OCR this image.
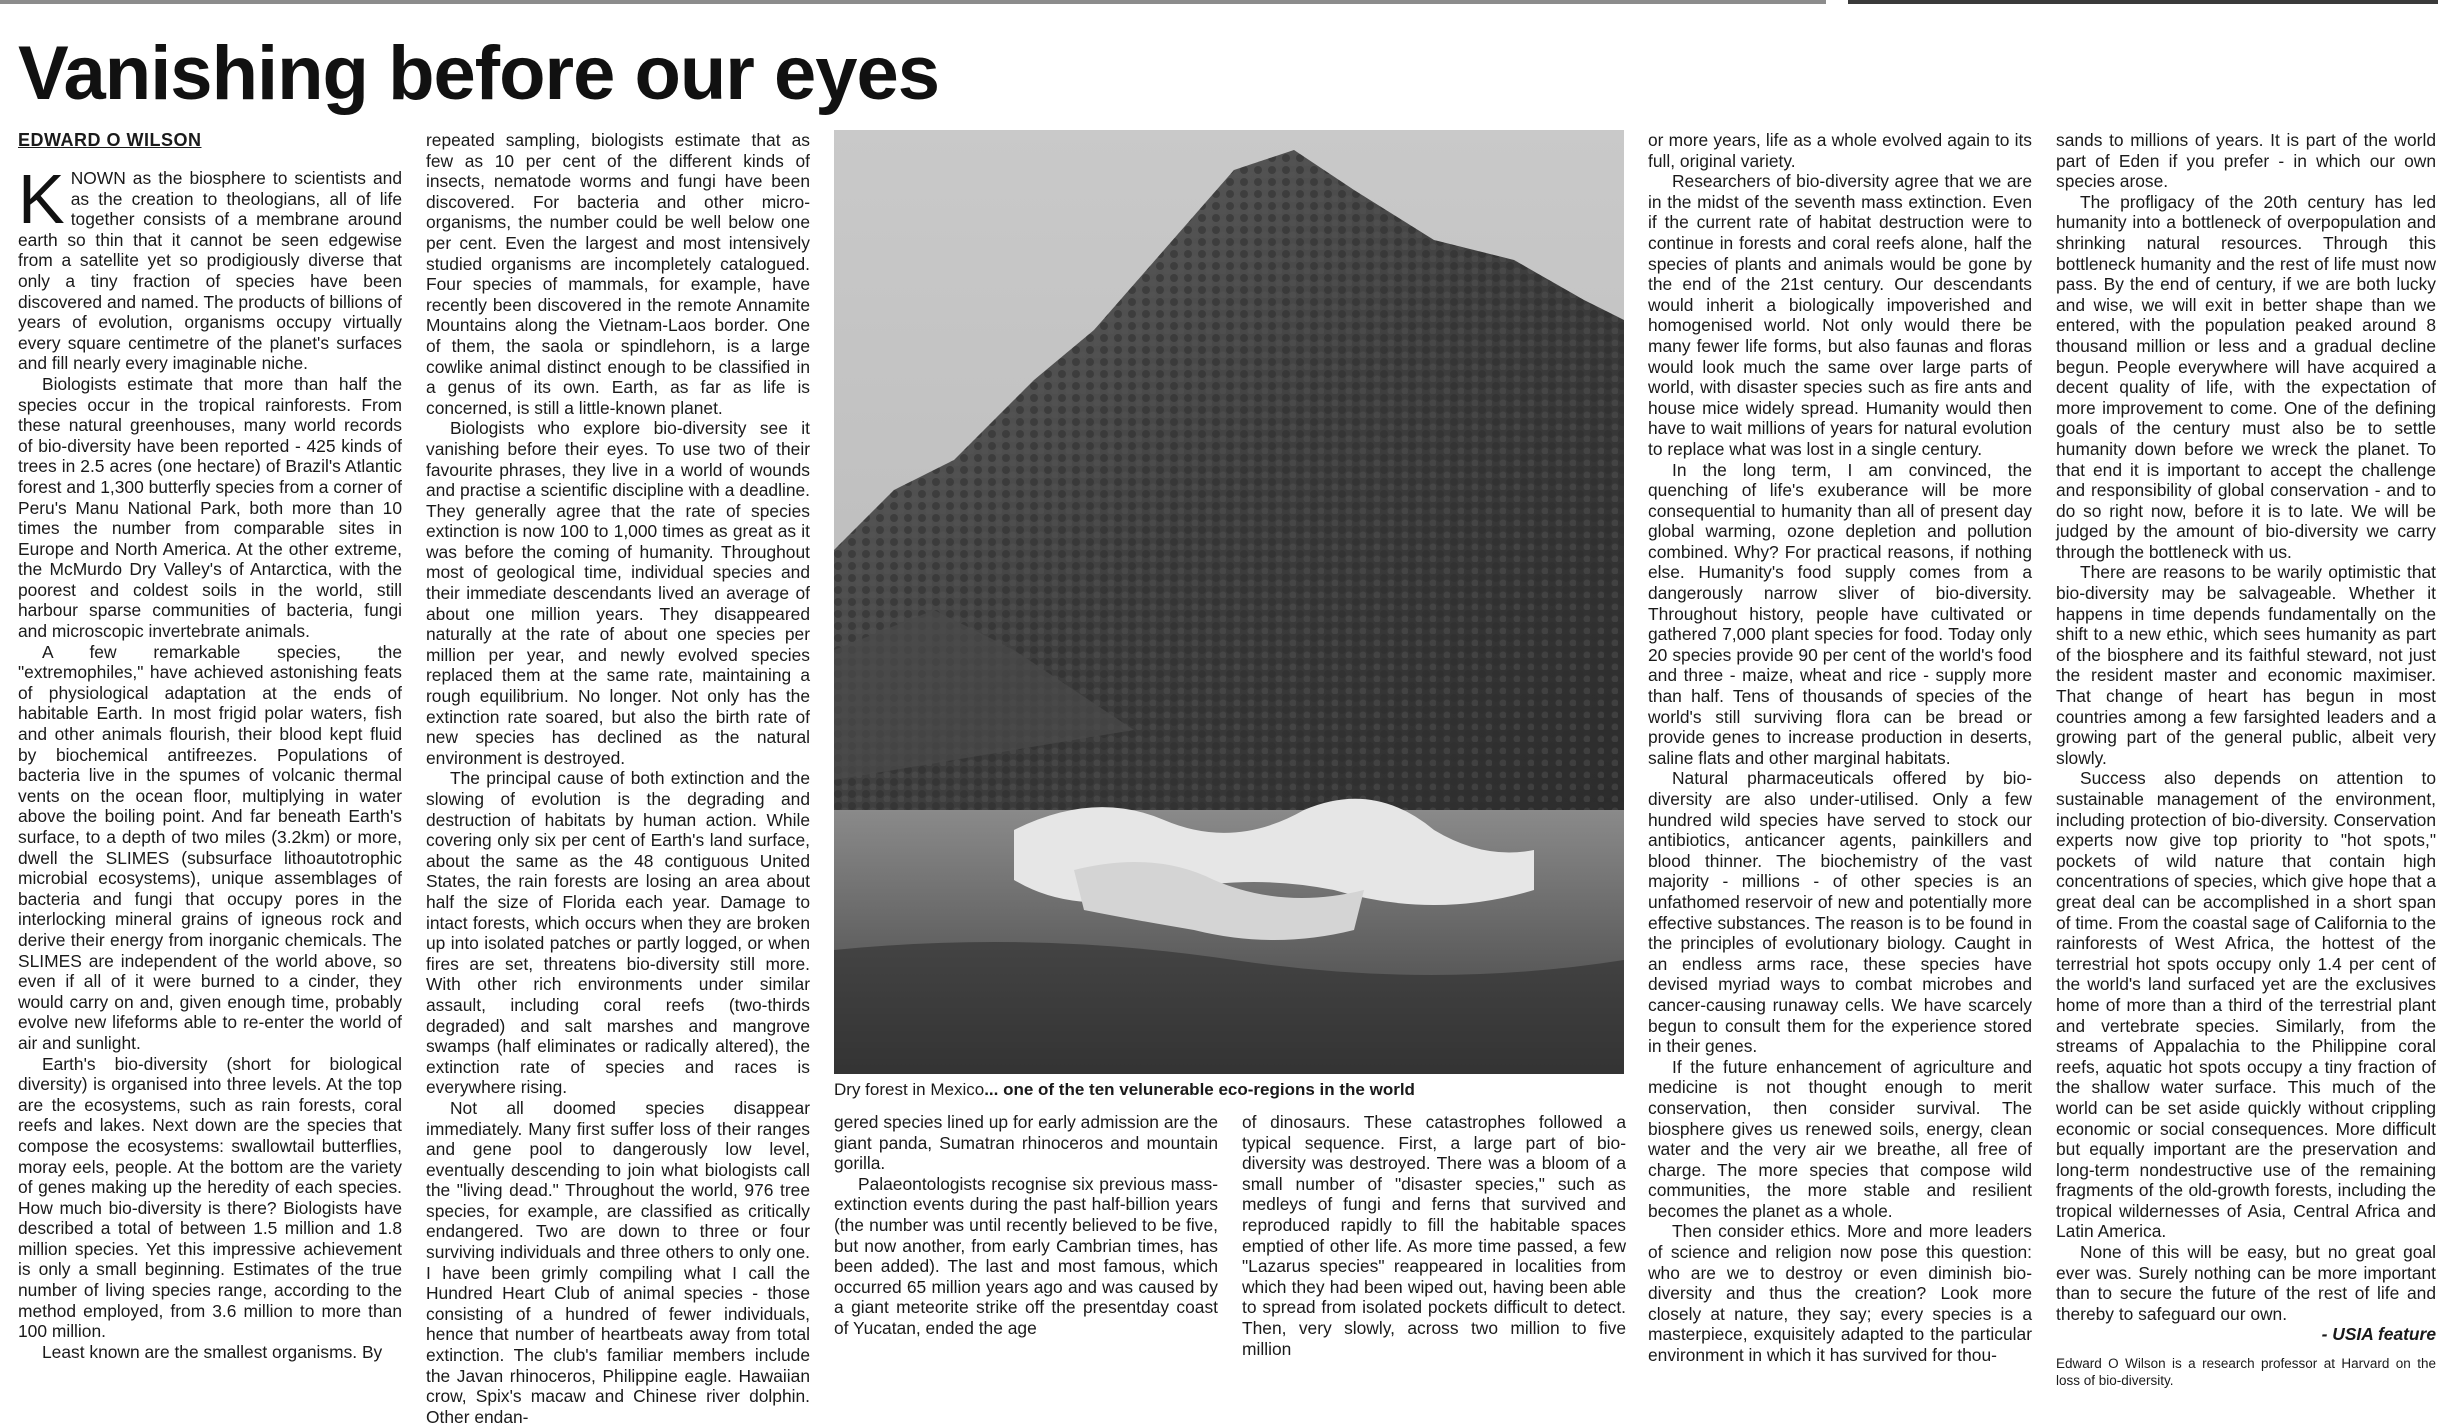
Vanishing before our eyes
EDWARD O WILSON

KNOWN as the biosphere to scientists and as the creation to theologians, all of life together consists of a membrane around earth so thin that it cannot be seen edgewise from a satellite yet so prodigiously diverse that only a tiny fraction of species have been discovered and named. The products of billions of years of evolution, organisms occupy virtually every square centimetre of the planet's surfaces and fill nearly every imaginable niche.

Biologists estimate that more than half the species occur in the tropical rainforests. From these natural greenhouses, many world records of bio-diversity have been reported - 425 kinds of trees in 2.5 acres (one hectare) of Brazil's Atlantic forest and 1,300 butterfly species from a corner of Peru's Manu National Park, both more than 10 times the number from comparable sites in Europe and North America. At the other extreme, the McMurdo Dry Valley's of Antarctica, with the poorest and coldest soils in the world, still harbour sparse communities of bacteria, fungi and microscopic invertebrate animals.

A few remarkable species, the "extremophiles," have achieved astonishing feats of physiological adaptation at the ends of habitable Earth. In most frigid polar waters, fish and other animals flourish, their blood kept fluid by biochemical antifreezes. Populations of bacteria live in the spumes of volcanic thermal vents on the ocean floor, multiplying in water above the boiling point. And far beneath Earth's surface, to a depth of two miles (3.2km) or more, dwell the SLIMES (subsurface lithoautotrophic microbial ecosystems), unique assemblages of bacteria and fungi that occupy pores in the interlocking mineral grains of igneous rock and derive their energy from inorganic chemicals. The SLIMES are independent of the world above, so even if all of it were burned to a cinder, they would carry on and, given enough time, probably evolve new lifeforms able to re-enter the world of air and sunlight.

Earth's bio-diversity (short for biological diversity) is organised into three levels. At the top are the ecosystems, such as rain forests, coral reefs and lakes. Next down are the species that compose the ecosystems: swallowtail butterflies, moray eels, people. At the bottom are the variety of genes making up the heredity of each species. How much bio-diversity is there? Biologists have described a total of between 1.5 million and 1.8 million species. Yet this impressive achievement is only a small beginning. Estimates of the true number of living species range, according to the method employed, from 3.6 million to more than 100 million.

Least known are the smallest organisms. By

repeated sampling, biologists estimate that as few as 10 per cent of the different kinds of insects, nematode worms and fungi have been discovered. For bacteria and other micro-organisms, the number could be well below one per cent. Even the largest and most intensively studied organisms are incompletely catalogued. Four species of mammals, for example, have recently been discovered in the remote Annamite Mountains along the Vietnam-Laos border. One of them, the saola or spindlehorn, is a large cowlike animal distinct enough to be classified in a genus of its own. Earth, as far as life is concerned, is still a little-known planet.

Biologists who explore bio-diversity see it vanishing before their eyes. To use two of their favourite phrases, they live in a world of wounds and practise a scientific discipline with a deadline. They generally agree that the rate of species extinction is now 100 to 1,000 times as great as it was before the coming of humanity. Throughout most of geological time, individual species and their immediate descendants lived an average of about one million years. They disappeared naturally at the rate of about one species per million per year, and newly evolved species replaced them at the same rate, maintaining a rough equilibrium. No longer. Not only has the extinction rate soared, but also the birth rate of new species has declined as the natural environment is destroyed.

The principal cause of both extinction and the slowing of evolution is the degrading and destruction of habitats by human action. While covering only six per cent of Earth's land surface, about the same as the 48 contiguous United States, the rain forests are losing an area about half the size of Florida each year. Damage to intact forests, which occurs when they are broken up into isolated patches or partly logged, or when fires are set, threatens bio-diversity still more. With other rich environments under similar assault, including coral reefs (two-thirds degraded) and salt marshes and mangrove swamps (half eliminates or radically altered), the extinction rate of species and races is everywhere rising.

Not all doomed species disappear immediately. Many first suffer loss of their ranges and gene pool to dangerously low level, eventually descending to join what biologists call the "living dead." Throughout the world, 976 tree species, for example, are classified as critically endangered. Two are down to three or four surviving individuals and three others to only one. I have been grimly compiling what I call the Hundred Heart Club of animal species - those consisting of a hundred of fewer individuals, hence that number of heartbeats away from total extinction. The club's familiar members include the Javan rhinoceros, Philippine eagle. Hawaiian crow, Spix's macaw and Chinese river dolphin. Other endan-

Dry forest in Mexico... one of the ten velunerable eco-regions in the world

gered species lined up for early admission are the giant panda, Sumatran rhinoceros and mountain gorilla.

Palaeontologists recognise six previous mass-extinction events during the past half-billion years (the number was until recently believed to be five, but now another, from early Cambrian times, has been added). The last and most famous, which occurred 65 million years ago and was caused by a giant meteorite strike off the presentday coast of Yucatan, ended the age

of dinosaurs. These catastrophes followed a typical sequence. First, a large part of bio-diversity was destroyed. There was a bloom of a small number of "disaster species," such as medleys of fungi and ferns that survived and reproduced rapidly to fill the habitable spaces emptied of other life. As more time passed, a few "Lazarus species" reappeared in localities from which they had been wiped out, having been able to spread from isolated pockets difficult to detect. Then, very slowly, across two million to five million

or more years, life as a whole evolved again to its full, original variety.

Researchers of bio-diversity agree that we are in the midst of the seventh mass extinction. Even if the current rate of habitat destruction were to continue in forests and coral reefs alone, half the species of plants and animals would be gone by the end of the 21st century. Our descendants would inherit a biologically impoverished and homogenised world. Not only would there be many fewer life forms, but also faunas and floras would look much the same over large parts of world, with disaster species such as fire ants and house mice widely spread. Humanity would then have to wait millions of years for natural evolution to replace what was lost in a single century.

In the long term, I am convinced, the quenching of life's exuberance will be more consequential to humanity than all of present day global warming, ozone depletion and pollution combined. Why? For practical reasons, if nothing else. Humanity's food supply comes from a dangerously narrow sliver of bio-diversity. Throughout history, people have cultivated or gathered 7,000 plant species for food. Today only 20 species provide 90 per cent of the world's food and three - maize, wheat and rice - supply more than half. Tens of thousands of species of the world's still surviving flora can be bread or provide genes to increase production in deserts, saline flats and other marginal habitats.

Natural pharmaceuticals offered by bio-diversity are also under-utilised. Only a few hundred wild species have served to stock our antibiotics, anticancer agents, painkillers and blood thinner. The biochemistry of the vast majority - millions - of other species is an unfathomed reservoir of new and potentially more effective substances. The reason is to be found in the principles of evolutionary biology. Caught in an endless arms race, these species have devised myriad ways to combat microbes and cancer-causing runaway cells. We have scarcely begun to consult them for the experience stored in their genes.

If the future enhancement of agriculture and medicine is not thought enough to merit conservation, then consider survival. The biosphere gives us renewed soils, energy, clean water and the very air we breathe, all free of charge. The more species that compose wild communities, the more stable and resilient becomes the planet as a whole.

Then consider ethics. More and more leaders of science and religion now pose this question: who are we to destroy or even diminish bio-diversity and thus the creation? Look more closely at nature, they say; every species is a masterpiece, exquisitely adapted to the particular environment in which it has survived for thou-

sands to millions of years. It is part of the world part of Eden if you prefer - in which our own species arose.

The profligacy of the 20th century has led humanity into a bottleneck of overpopulation and shrinking natural resources. Through this bottleneck humanity and the rest of life must now pass. By the end of century, if we are both lucky and wise, we will exit in better shape than we entered, with the population peaked around 8 thousand million or less and a gradual decline begun. People everywhere will have acquired a decent quality of life, with the expectation of more improvement to come. One of the defining goals of the century must also be to settle humanity down before we wreck the planet. To that end it is important to accept the challenge and responsibility of global conservation - and to do so right now, before it is to late. We will be judged by the amount of bio-diversity we carry through the bottleneck with us.

There are reasons to be warily optimistic that bio-diversity may be salvageable. Whether it happens in time depends fundamentally on the shift to a new ethic, which sees humanity as part of the biosphere and its faithful steward, not just the resident master and economic maximiser. That change of heart has begun in most countries among a few farsighted leaders and a growing part of the general public, albeit very slowly.

Success also depends on attention to sustainable management of the environment, including protection of bio-diversity. Conservation experts now give top priority to "hot spots," pockets of wild nature that contain high concentrations of species, which give hope that a great deal can be accomplished in a short span of time. From the coastal sage of California to the rainforests of West Africa, the hottest of the terrestrial hot spots occupy only 1.4 per cent of the world's land surfaced yet are the exclusives home of more than a third of the terrestrial plant and vertebrate species. Similarly, from the streams of Appalachia to the Philippine coral reefs, aquatic hot spots occupy a tiny fraction of the shallow water surface. This much of the world can be set aside quickly without crippling economic or social consequences. More difficult but equally important are the preservation and long-term nondestructive use of the remaining fragments of the old-growth forests, including the tropical wildernesses of Asia, Central Africa and Latin America.

None of this will be easy, but no great goal ever was. Surely nothing can be more important than to secure the future of the rest of life and thereby to safeguard our own.

- USIA feature

Edward O Wilson is a research professor at Harvard on the loss of bio-diversity.
